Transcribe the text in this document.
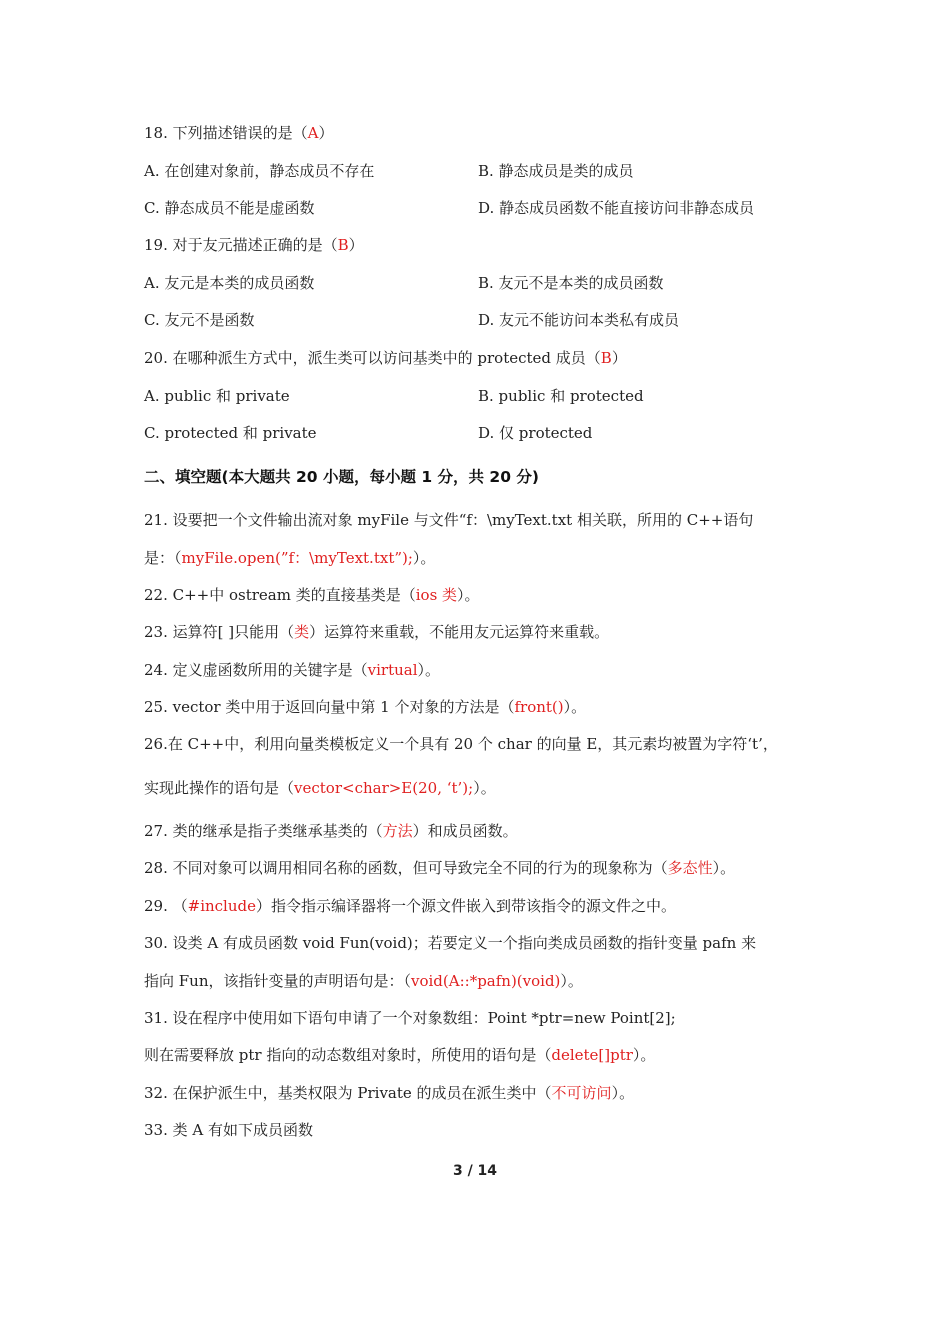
18. 下列描述错误的是（A）
A. 在创建对象前，静态成员不存在	B. 静态成员是类的成员
C. 静态成员不能是虚函数	D. 静态成员函数不能直接访问非静态成员
19. 对于友元描述正确的是（B）
A. 友元是本类的成员函数	B. 友元不是本类的成员函数
C. 友元不是函数	D. 友元不能访问本类私有成员
20. 在哪种派生方式中，派生类可以访问基类中的 protected 成员（B）
A. public 和 private	B. public 和 protected
C. protected 和 private	D. 仅 protected
二、填空题(本大题共 20 小题，每小题 1 分，共 20 分)
21. 设要把一个文件输出流对象 myFile 与文件“f：\myText.txt 相关联，所用的 C++语句
是：（myFile.open(”f：\myText.txt”);）。
22. C++中 ostream 类的直接基类是（ios 类）。
23. 运算符[ ]只能用（类）运算符来重载，不能用友元运算符来重载。
24. 定义虚函数所用的关键字是（virtual）。
25. vector 类中用于返回向量中第 1 个对象的方法是（front()）。
26.在 C++中，利用向量类模板定义一个具有 20 个 char 的向量 E，其元素均被置为字符‘t’，
实现此操作的语句是（vector<char>E(20, ‘t’);）。
27. 类的继承是指子类继承基类的（方法）和成员函数。
28. 不同对象可以调用相同名称的函数，但可导致完全不同的行为的现象称为（多态性）。
29. （#include）指令指示编译器将一个源文件嵌入到带该指令的源文件之中。
30. 设类 A 有成员函数 void Fun(void)；若要定义一个指向类成员函数的指针变量 pafn 来
指向 Fun，该指针变量的声明语句是：（void(A::*pafn)(void)）。
31. 设在程序中使用如下语句申请了一个对象数组：Point *ptr=new Point[2];
则在需要释放 ptr 指向的动态数组对象时，所使用的语句是（delete[]ptr）。
32. 在保护派生中，基类权限为 Private 的成员在派生类中（不可访问）。
33. 类 A 有如下成员函数
3 / 14
